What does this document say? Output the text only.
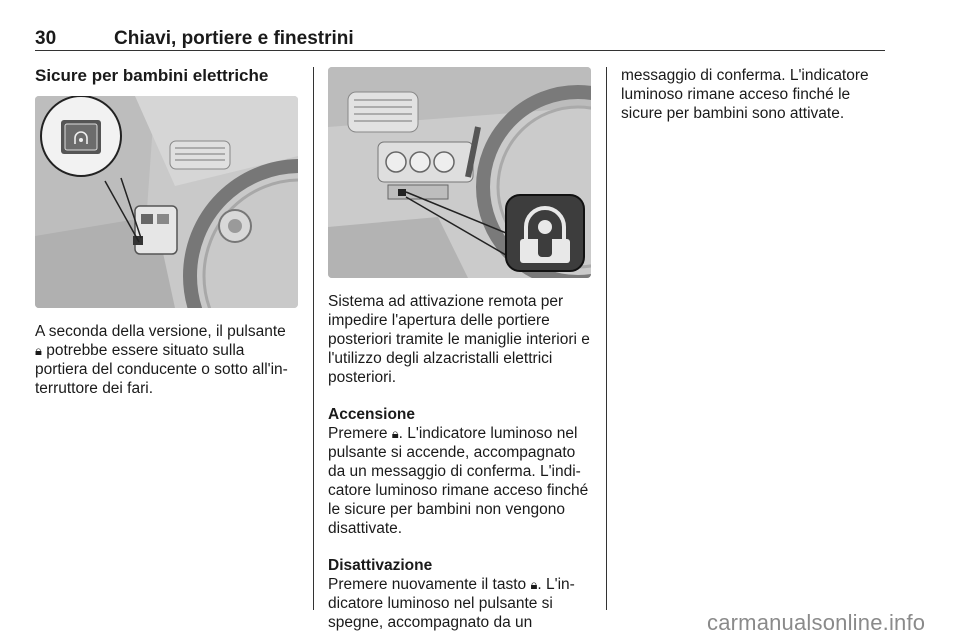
30	Chiavi, portiere e finestrini

Sicure per bambini elettriche

A seconda della versione, il pulsante
🔒︎ potrebbe essere situato sulla portiera del conducente o sotto all'in-terruttore dei fari.

Sistema ad attivazione remota per impedire l'apertura delle portiere posteriori tramite le maniglie interiori e l'utilizzo degli alzacristalli elettrici posteriori.

Accensione

Premere 🔒︎. L'indicatore luminoso nel pulsante si accende, accompagnato da un messaggio di conferma. L'indi-catore luminoso rimane acceso finché le sicure per bambini non vengono disattivate.

Disattivazione

Premere nuovamente il tasto 🔒︎. L'in-dicatore luminoso nel pulsante si spegne, accompagnato da un

messaggio di conferma. L'indicatore luminoso rimane acceso finché le sicure per bambini sono attivate.

carmanualsonline.info
